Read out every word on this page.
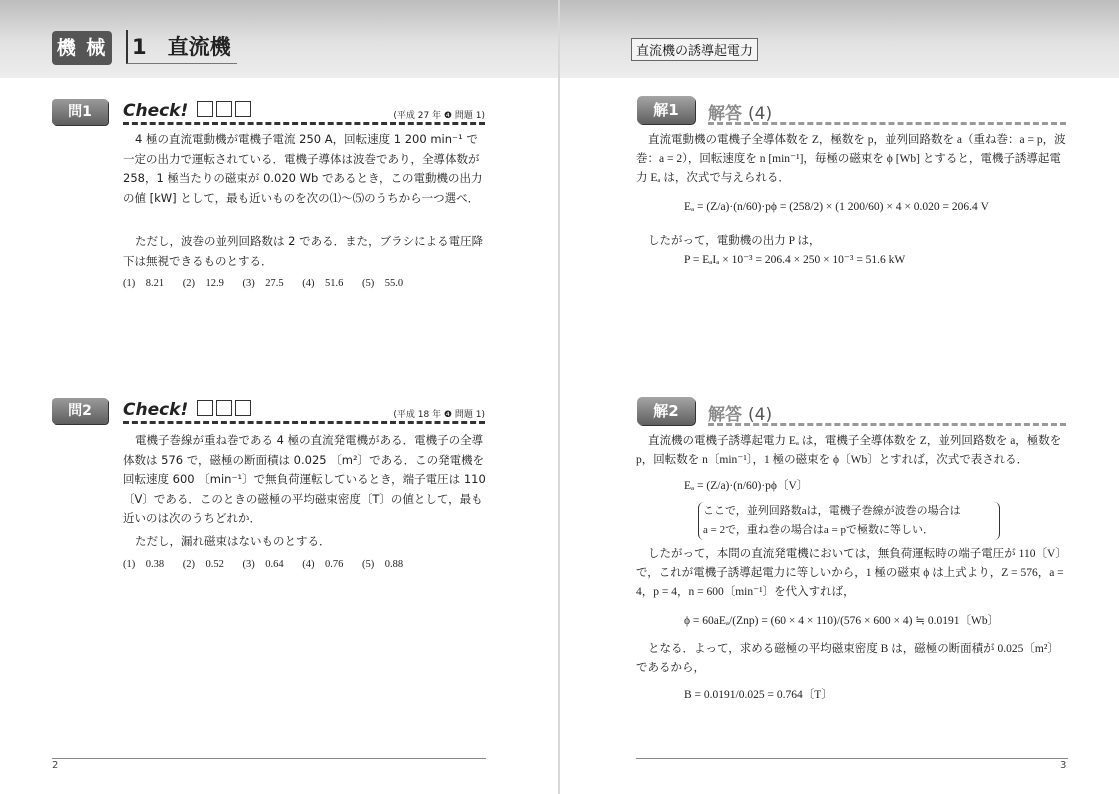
機 械 1　直流機
問1	Check!	(平成 27 年 ❹ 問題 1)

4 極の直流電動機が電機子電流 250 A，回転速度 1 200 min⁻¹ で一定の出力で運転されている．電機子導体は波巻であり，全導体数が 258，1 極当たりの磁束が 0.020 Wb であるとき，この電動機の出力の値 [kW] として，最も近いものを次の⑴～⑸のうちから一つ選べ．

ただし，波巻の並列回路数は 2 である．また，ブラシによる電圧降下は無視できるものとする．

(1)　8.21 (2)　12.9 (3)　27.5 (4)　51.6 (5)　55.0
問2	Check!	(平成 18 年 ❹ 問題 1)

電機子巻線が重ね巻である 4 極の直流発電機がある．電機子の全導体数は 576 で，磁極の断面積は 0.025 〔m²〕である．この発電機を回転速度 600 〔min⁻¹〕で無負荷運転しているとき，端子電圧は 110 〔V〕である．このときの磁極の平均磁束密度〔T〕の値として，最も近いのは次のうちどれか．

ただし，漏れ磁束はないものとする．

(1)　0.38 (2)　0.52 (3)　0.64 (4)　0.76 (5)　0.88
2
直流機の誘導起電力
解1	解答 (4)

直流電動機の電機子全導体数を Z，極数を p，並列回路数を a（重ね巻：a = p，波巻：a = 2），回転速度を n [min⁻¹]，毎極の磁束を ϕ [Wb] とすると，電機子誘導起電力 Eₐ は，次式で与えられる．

Eₐ = (Z/a)·(n/60)·pϕ = (258/2) × (1 200/60) × 4 × 0.020 = 206.4 V

したがって，電動機の出力 P は，

P = EₐIₐ × 10⁻³ = 206.4 × 250 × 10⁻³ = 51.6 kW
解2	解答 (4)

直流機の電機子誘導起電力 Eₐ は，電機子全導体数を Z，並列回路数を a，極数を p，回転数を n〔min⁻¹〕，1 極の磁束を ϕ〔Wb〕とすれば，次式で表される．

Eₐ = (Z/a)·(n/60)·pϕ〔V〕
ここで，並列回路数aは，電機子巻線が波巻の場合は
a = 2で，重ね巻の場合はa = pで極数に等しい．

したがって，本問の直流発電機においては，無負荷運転時の端子電圧が 110〔V〕で，これが電機子誘導起電力に等しいから，1 極の磁束 ϕ は上式より，Z = 576，a = 4，p = 4，n = 600〔min⁻¹〕を代入すれば，

ϕ = 60aEₐ/(Znp) = (60 × 4 × 110)/(576 × 600 × 4) ≒ 0.0191〔Wb〕

となる．よって，求める磁極の平均磁束密度 B は，磁極の断面積が 0.025〔m²〕であるから，

B = 0.0191/0.025 = 0.764〔T〕
3
